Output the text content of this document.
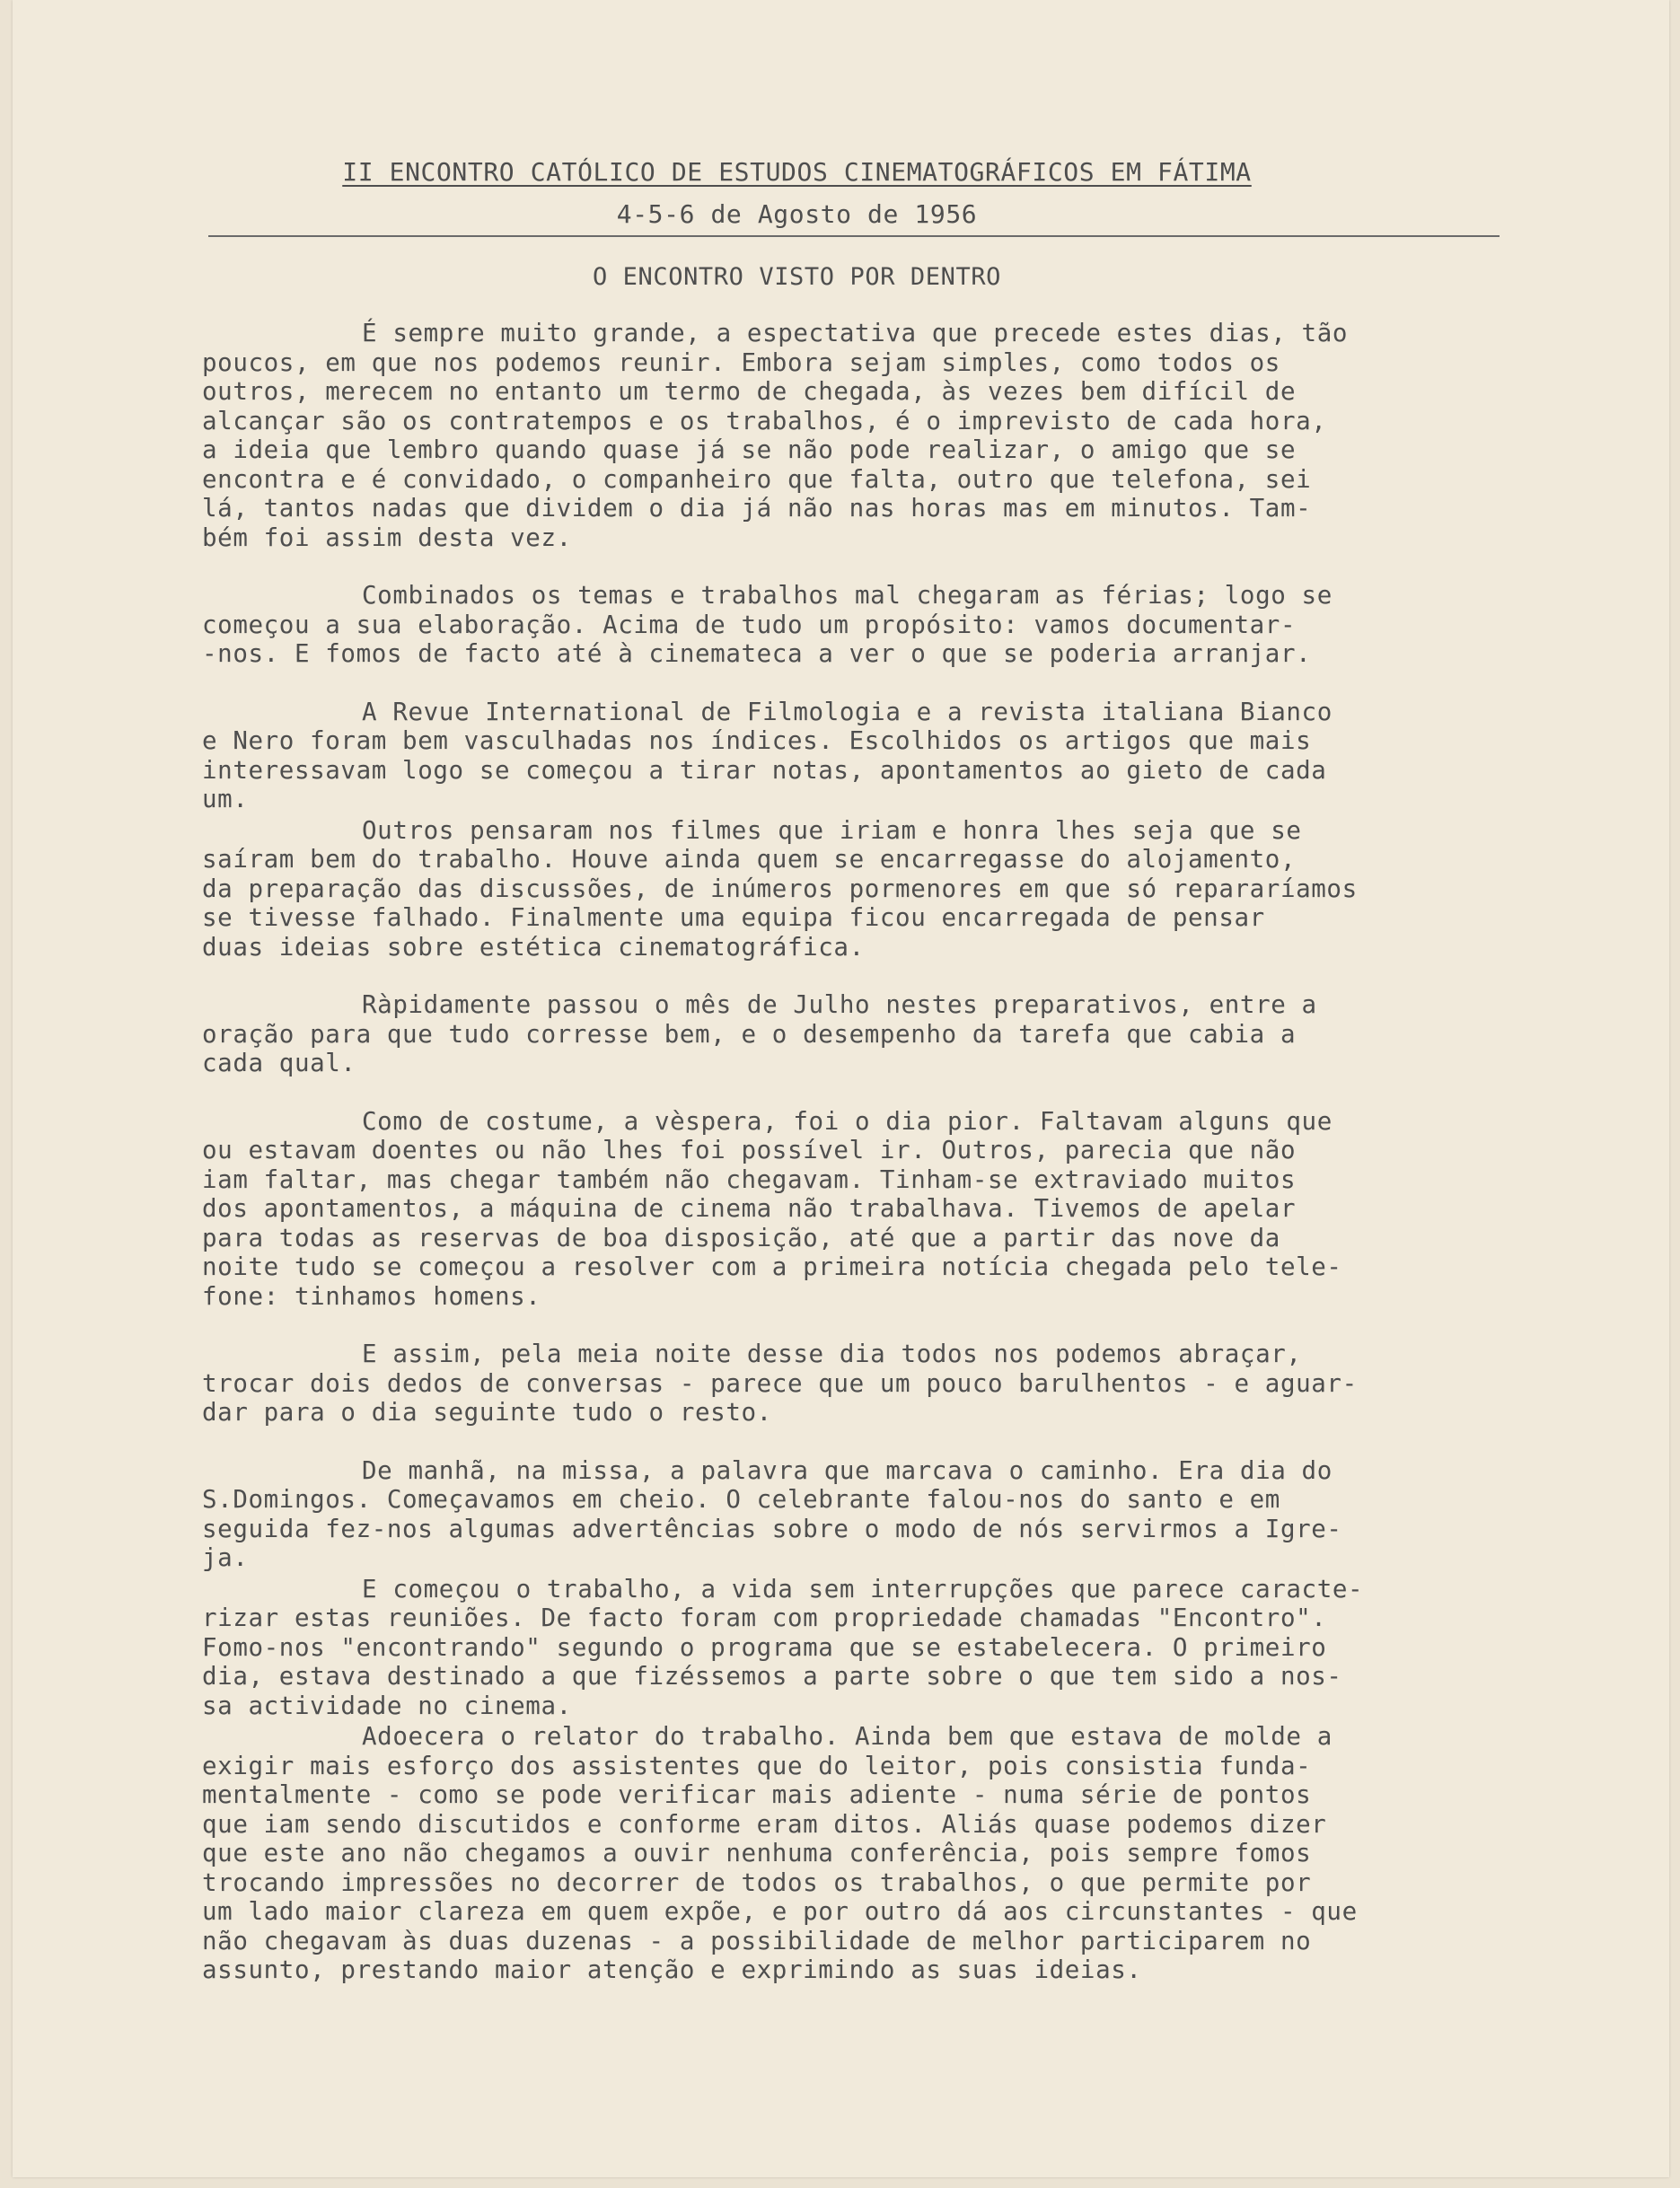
II ENCONTRO CATÓLICO DE ESTUDOS CINEMATOGRÁFICOS EM FÁTIMA
4-5-6 de Agosto de 1956
O ENCONTRO VISTO POR DENTRO
É sempre muito grande, a espectativa que precede estes dias, tão
poucos, em que nos podemos reunir. Embora sejam simples, como todos os
outros, merecem no entanto um termo de chegada, às vezes bem difícil de
alcançar são os contratempos e os trabalhos, é o imprevisto de cada hora,
a ideia que lembro quando quase já se não pode realizar, o amigo que se
encontra e é convidado, o companheiro que falta, outro que telefona, sei
lá, tantos nadas que dividem o dia já não nas horas mas em minutos. Tam-
bém foi assim desta vez.
Combinados os temas e trabalhos mal chegaram as férias; logo se
começou a sua elaboração. Acima de tudo um propósito: vamos documentar-
-nos. E fomos de facto até à cinemateca a ver o que se poderia arranjar.
A Revue International de Filmologia e a revista italiana Bianco
e Nero foram bem vasculhadas nos índices. Escolhidos os artigos que mais
interessavam logo se começou a tirar notas, apontamentos ao gieto de cada
um.
Outros pensaram nos filmes que iriam e honra lhes seja que se
saíram bem do trabalho. Houve ainda quem se encarregasse do alojamento,
da preparação das discussões, de inúmeros pormenores em que só repararíamos
se tivesse falhado. Finalmente uma equipa ficou encarregada de pensar
duas ideias sobre estética cinematográfica.
Ràpidamente passou o mês de Julho nestes preparativos, entre a
oração para que tudo corresse bem, e o desempenho da tarefa que cabia a
cada qual.
Como de costume, a vèspera, foi o dia pior. Faltavam alguns que
ou estavam doentes ou não lhes foi possível ir. Outros, parecia que não
iam faltar, mas chegar também não chegavam. Tinham-se extraviado muitos
dos apontamentos, a máquina de cinema não trabalhava. Tivemos de apelar
para todas as reservas de boa disposição, até que a partir das nove da
noite tudo se começou a resolver com a primeira notícia chegada pelo tele-
fone: tinhamos homens.
E assim, pela meia noite desse dia todos nos podemos abraçar,
trocar dois dedos de conversas - parece que um pouco barulhentos - e aguar-
dar para o dia seguinte tudo o resto.
De manhã, na missa, a palavra que marcava o caminho. Era dia do
S.Domingos. Começavamos em cheio. O celebrante falou-nos do santo e em
seguida fez-nos algumas advertências sobre o modo de nós servirmos a Igre-
ja.
E começou o trabalho, a vida sem interrupções que parece caracte-
rizar estas reuniões. De facto foram com propriedade chamadas "Encontro".
Fomo-nos "encontrando" segundo o programa que se estabelecera. O primeiro
dia, estava destinado a que fizéssemos a parte sobre o que tem sido a nos-
sa actividade no cinema.
Adoecera o relator do trabalho. Ainda bem que estava de molde a
exigir mais esforço dos assistentes que do leitor, pois consistia funda-
mentalmente - como se pode verificar mais adiente - numa série de pontos
que iam sendo discutidos e conforme eram ditos. Aliás quase podemos dizer
que este ano não chegamos a ouvir nenhuma conferência, pois sempre fomos
trocando impressões no decorrer de todos os trabalhos, o que permite por
um lado maior clareza em quem expõe, e por outro dá aos circunstantes - que
não chegavam às duas duzenas - a possibilidade de melhor participarem no
assunto, prestando maior atenção e exprimindo as suas ideias.
